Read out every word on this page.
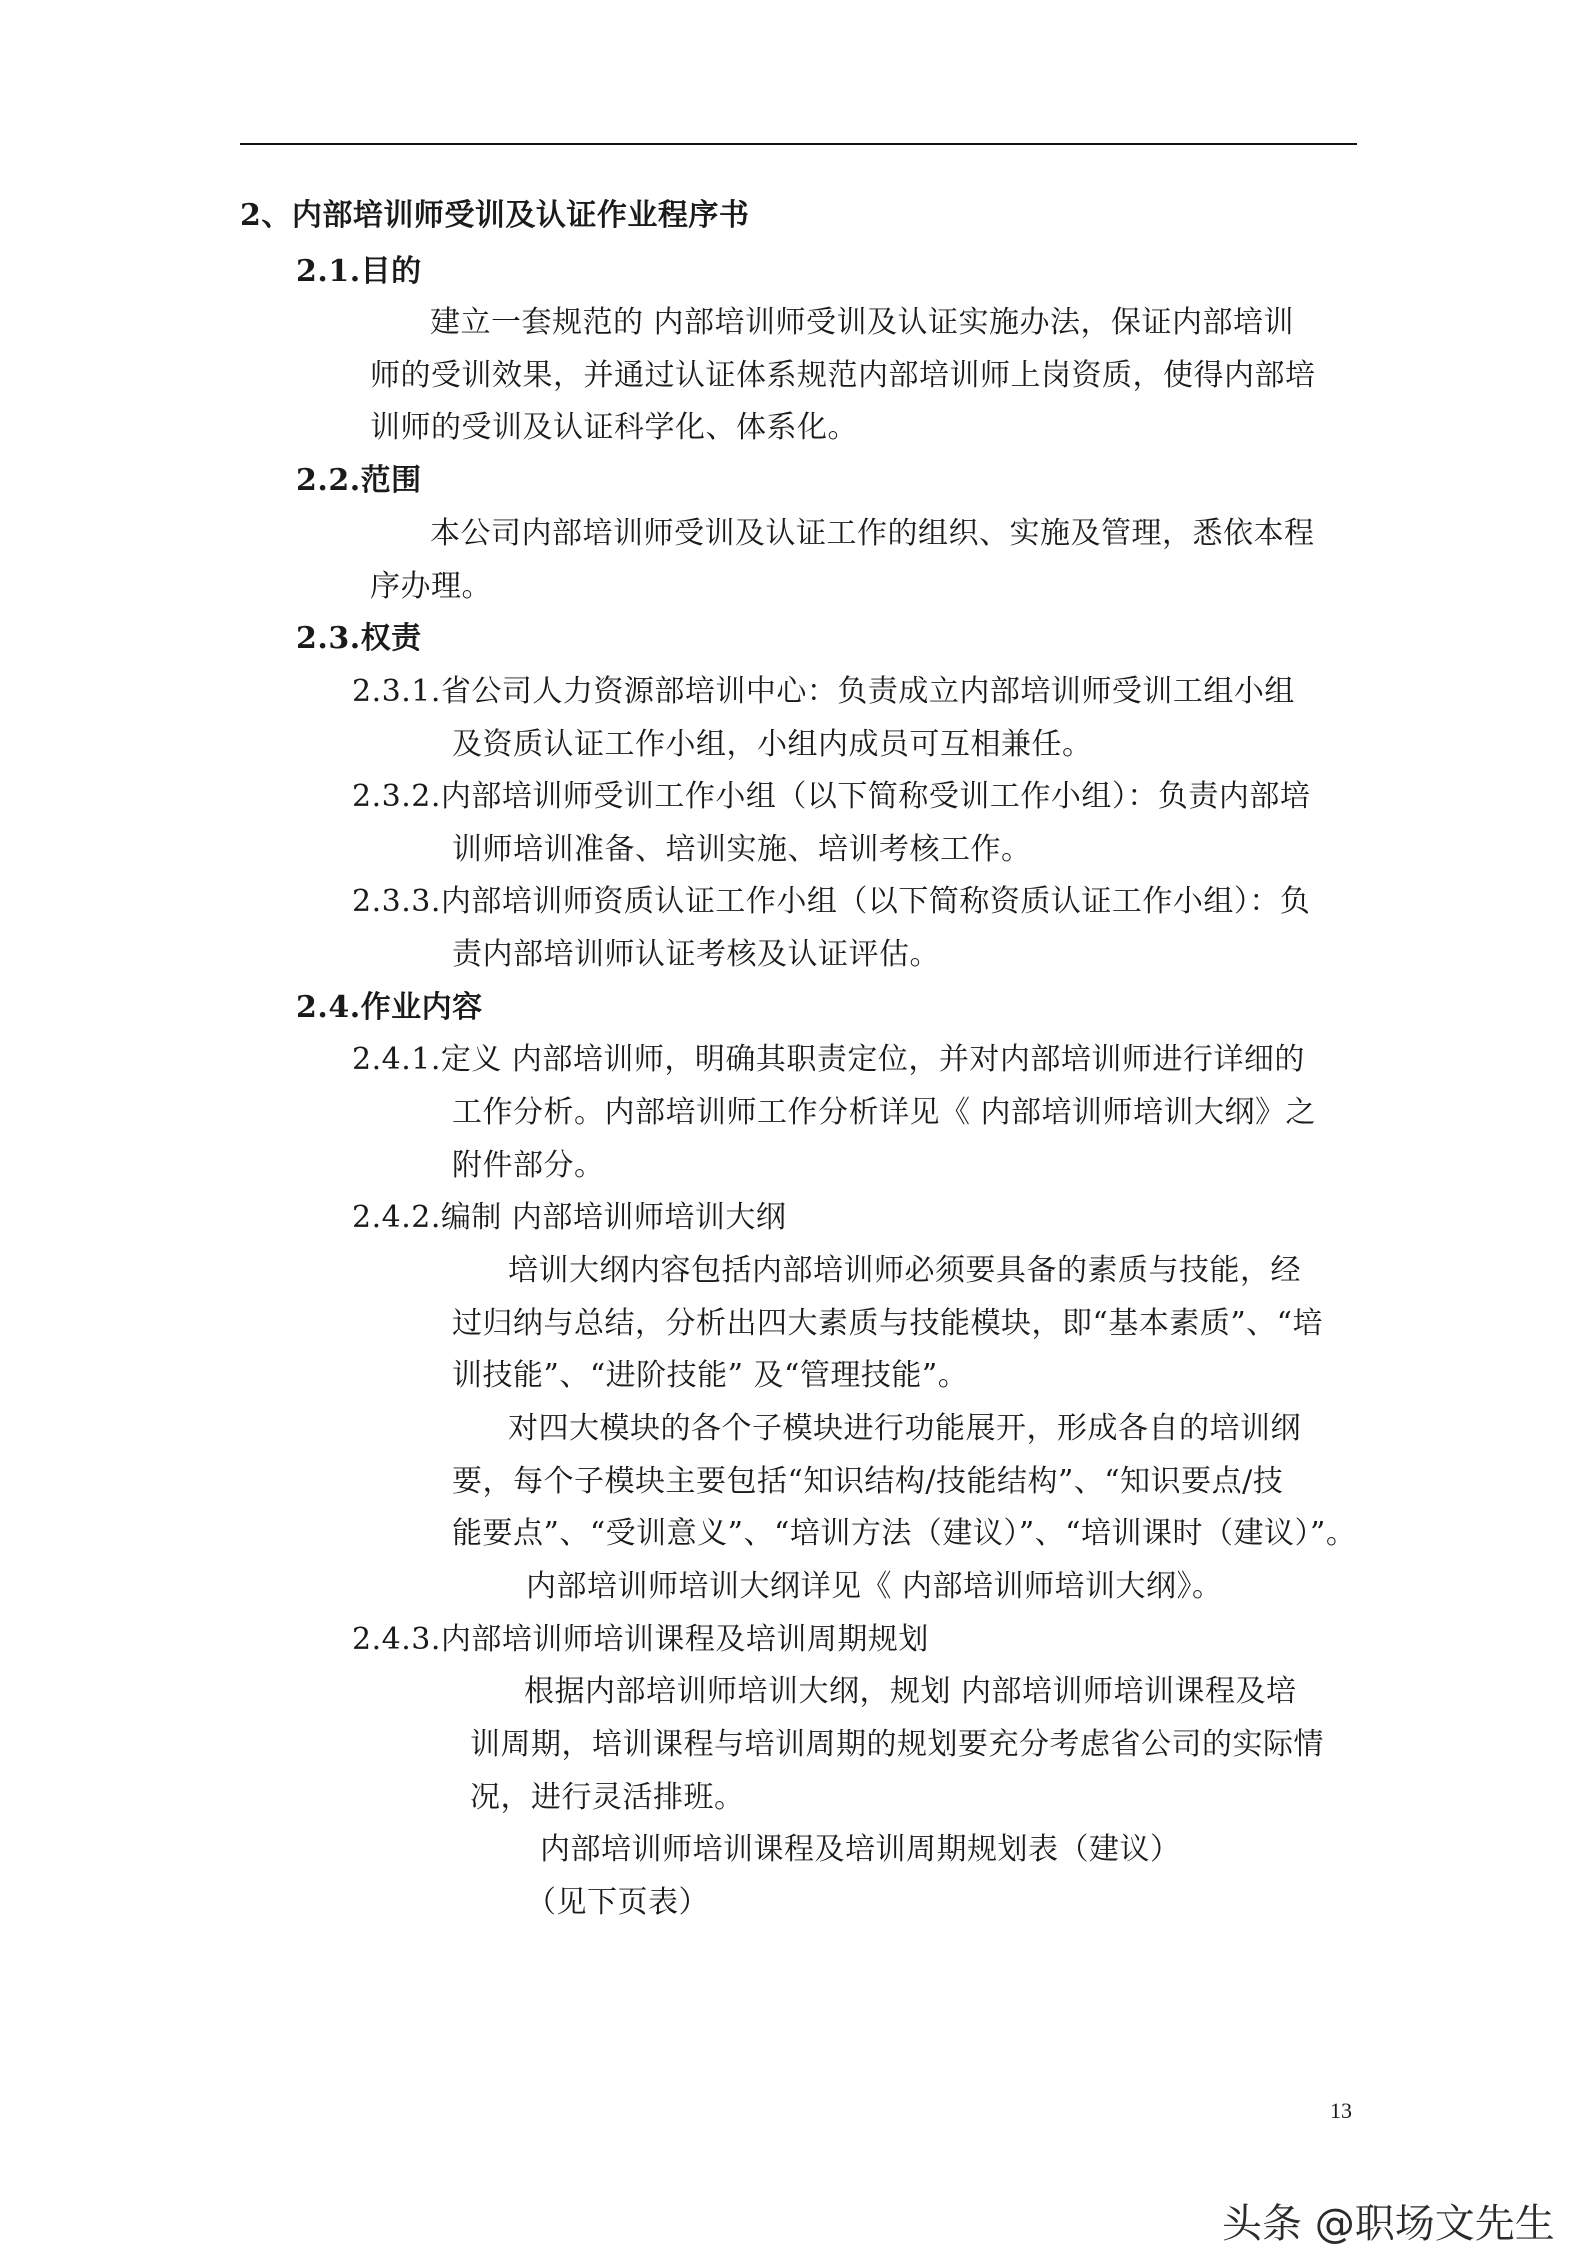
2、内部培训师受训及认证作业程序书
2.1.目的
建立一套规范的 内部培训师受训及认证实施办法，保证内部培训
师的受训效果，并通过认证体系规范内部培训师上岗资质，使得内部培
训师的受训及认证科学化、体系化。
2.2.范围
本公司内部培训师受训及认证工作的组织、实施及管理，悉依本程
序办理。
2.3.权责
2.3.1.省公司人力资源部培训中心：负责成立内部培训师受训工组小组
及资质认证工作小组，小组内成员可互相兼任。
2.3.2.内部培训师受训工作小组（以下简称受训工作小组）：负责内部培
训师培训准备、培训实施、培训考核工作。
2.3.3.内部培训师资质认证工作小组（以下简称资质认证工作小组）：负
责内部培训师认证考核及认证评估。
2.4.作业内容
2.4.1.定义 内部培训师，明确其职责定位，并对内部培训师进行详细的
工作分析。内部培训师工作分析详见《 内部培训师培训大纲》之
附件部分。
2.4.2.编制 内部培训师培训大纲
培训大纲内容包括内部培训师必须要具备的素质与技能，经
过归纳与总结，分析出四大素质与技能模块，即“基本素质”、“培
训技能”、“进阶技能” 及“管理技能”。
对四大模块的各个子模块进行功能展开，形成各自的培训纲
要，每个子模块主要包括“知识结构/技能结构”、“知识要点/技
能要点”、“受训意义”、“培训方法（建议）”、“培训课时（建议）”。
内部培训师培训大纲详见《 内部培训师培训大纲》。
2.4.3.内部培训师培训课程及培训周期规划
根据内部培训师培训大纲，规划 内部培训师培训课程及培
训周期，培训课程与培训周期的规划要充分考虑省公司的实际情
况，进行灵活排班。
内部培训师培训课程及培训周期规划表（建议）
（见下页表）
13
头条 @职场文先生
